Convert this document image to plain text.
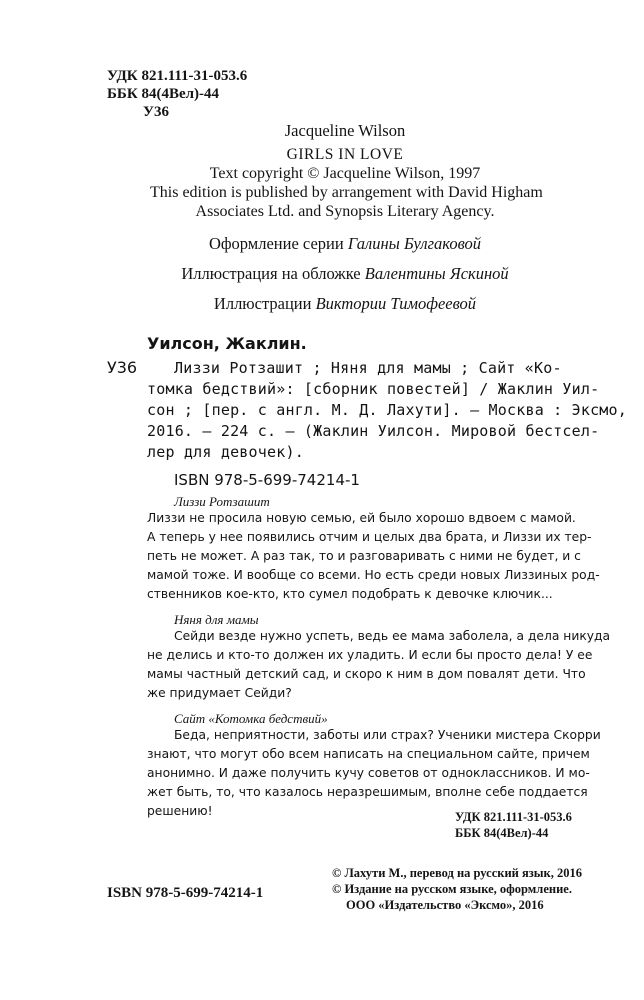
УДК 821.111-31-053.6
ББК 84(4Вел)-44
У36
Jacqueline Wilson
GIRLS IN LOVE
Text copyright © Jacqueline Wilson, 1997
This edition is published by arrangement with David Higham
Associates Ltd. and Synopsis Literary Agency.
Оформление серии Галины Булгаковой
Иллюстрация на обложке Валентины Яскиной
Иллюстрации Виктории Тимофеевой
Уилсон, Жаклин.
У36 Лиззи Ротзашит ; Няня для мамы ; Сайт «Ко-
томка бедствий»: [сборник повестей] / Жаклин Уил-
сон ; [пер. с англ. М. Д. Лахути]. — Москва : Эксмо,
2016. — 224 с. — (Жаклин Уилсон. Мировой бестсел-
лер для девочек).
ISBN 978-5-699-74214-1
Лиззи Ротзашит
Лиззи не просила новую семью, ей было хорошо вдвоем с мамой.
А теперь у нее появились отчим и целых два брата, и Лиззи их тер-
петь не может. А раз так, то и разговаривать с ними не будет, и с
мамой тоже. И вообще со всеми. Но есть среди новых Лиззиных род-
ственников кое-кто, кто сумел подобрать к девочке ключик...
Няня для мамы
Сейди везде нужно успеть, ведь ее мама заболела, а дела никуда
не делись и кто-то должен их уладить. И если бы просто дела! У ее
мамы частный детский сад, и скоро к ним в дом повалят дети. Что
же придумает Сейди?
Сайт «Котомка бедствий»
Беда, неприятности, заботы или страх? Ученики мистера Скорри
знают, что могут обо всем написать на специальном сайте, причем
анонимно. И даже получить кучу советов от одноклассников. И мо-
жет быть, то, что казалось неразрешимым, вполне себе поддается
решению!	УДК 821.111-31-053.6
ББК 84(4Вел)-44
ISBN 978-5-699-74214-1
© Лахути М., перевод на русский язык, 2016
© Издание на русском языке, оформление.
ООО «Издательство «Эксмо», 2016
